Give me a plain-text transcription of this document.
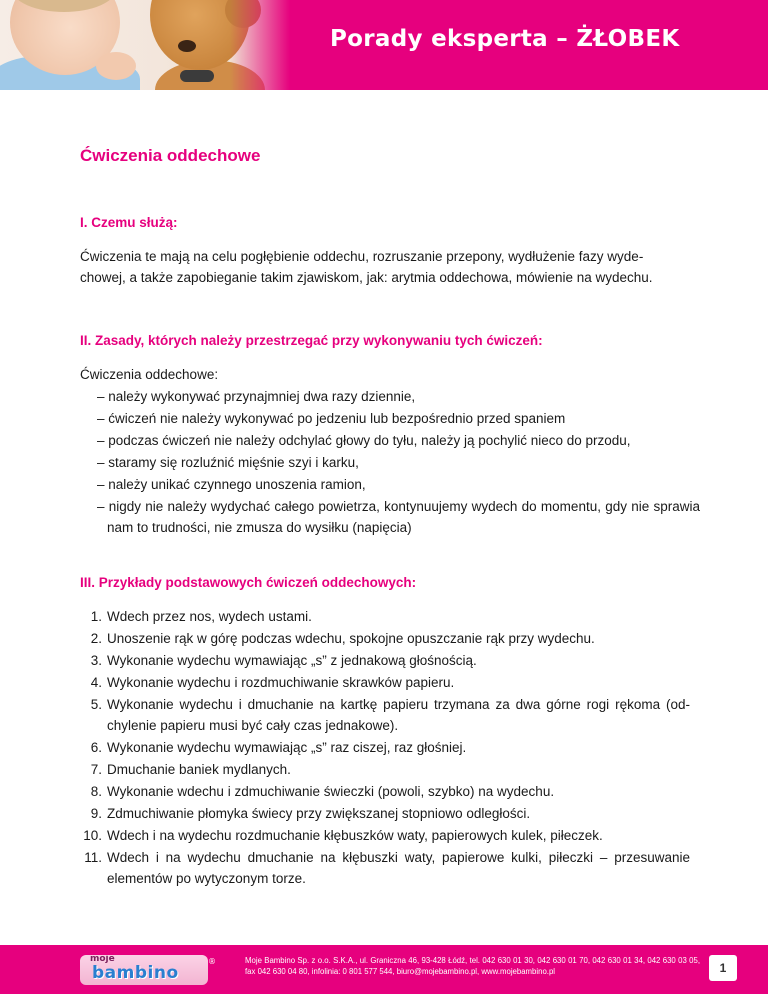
Porady eksperta – ŻŁOBEK
Ćwiczenia oddechowe
I. Czemu służą:
Ćwiczenia te mają na celu pogłębienie oddechu, rozruszanie przepony, wydłużenie fazy wyde-
chowej, a także zapobieganie takim zjawiskom, jak: arytmia oddechowa, mówienie na wydechu.
II. Zasady, których należy przestrzegać przy wykonywaniu tych ćwiczeń:
Ćwiczenia oddechowe:
– należy wykonywać przynajmniej dwa razy dziennie,
– ćwiczeń nie należy wykonywać po jedzeniu lub bezpośrednio przed spaniem
– podczas ćwiczeń nie należy odchylać głowy do tyłu, należy ją pochylić nieco do przodu,
– staramy się rozluźnić mięśnie szyi i karku,
– należy unikać czynnego unoszenia ramion,
– nigdy nie należy wydychać całego powietrza, kontynuujemy wydech do momentu, gdy nie sprawia nam to trudności, nie zmusza do wysiłku (napięcia)
III. Przykłady podstawowych ćwiczeń oddechowych:
1. Wdech przez nos, wydech ustami.
2. Unoszenie rąk w górę podczas wdechu, spokojne opuszczanie rąk przy wydechu.
3. Wykonanie wydechu wymawiając „s” z jednakową głośnością.
4. Wykonanie wydechu i rozdmuchiwanie skrawków papieru.
5. Wykonanie wydechu i dmuchanie na kartkę papieru trzymana za dwa górne rogi rękoma (od-chylenie papieru musi być cały czas jednakowe).
6. Wykonanie wydechu wymawiając „s” raz ciszej, raz głośniej.
7. Dmuchanie baniek mydlanych.
8. Wykonanie wdechu i zdmuchiwanie świeczki (powoli, szybko) na wydechu.
9. Zdmuchiwanie płomyka świecy przy zwiększanej stopniowo odległości.
10. Wdech i na wydechu rozdmuchanie kłębuszków waty, papierowych kulek, piłeczek.
11. Wdech i na wydechu dmuchanie na kłębuszki waty, papierowe kulki, piłeczki – przesuwanie elementów po wytyczonym torze.
moje
bambino
®	Moje Bambino Sp. z o.o. S.K.A., ul. Graniczna 46, 93-428 Łódź, tel. 042 630 01 30, 042 630 01 70, 042 630 01 34, 042 630 03 05, fax 042 630 04 80, infolinia: 0 801 577 544, biuro@mojebambino.pl, www.mojebambino.pl	1
